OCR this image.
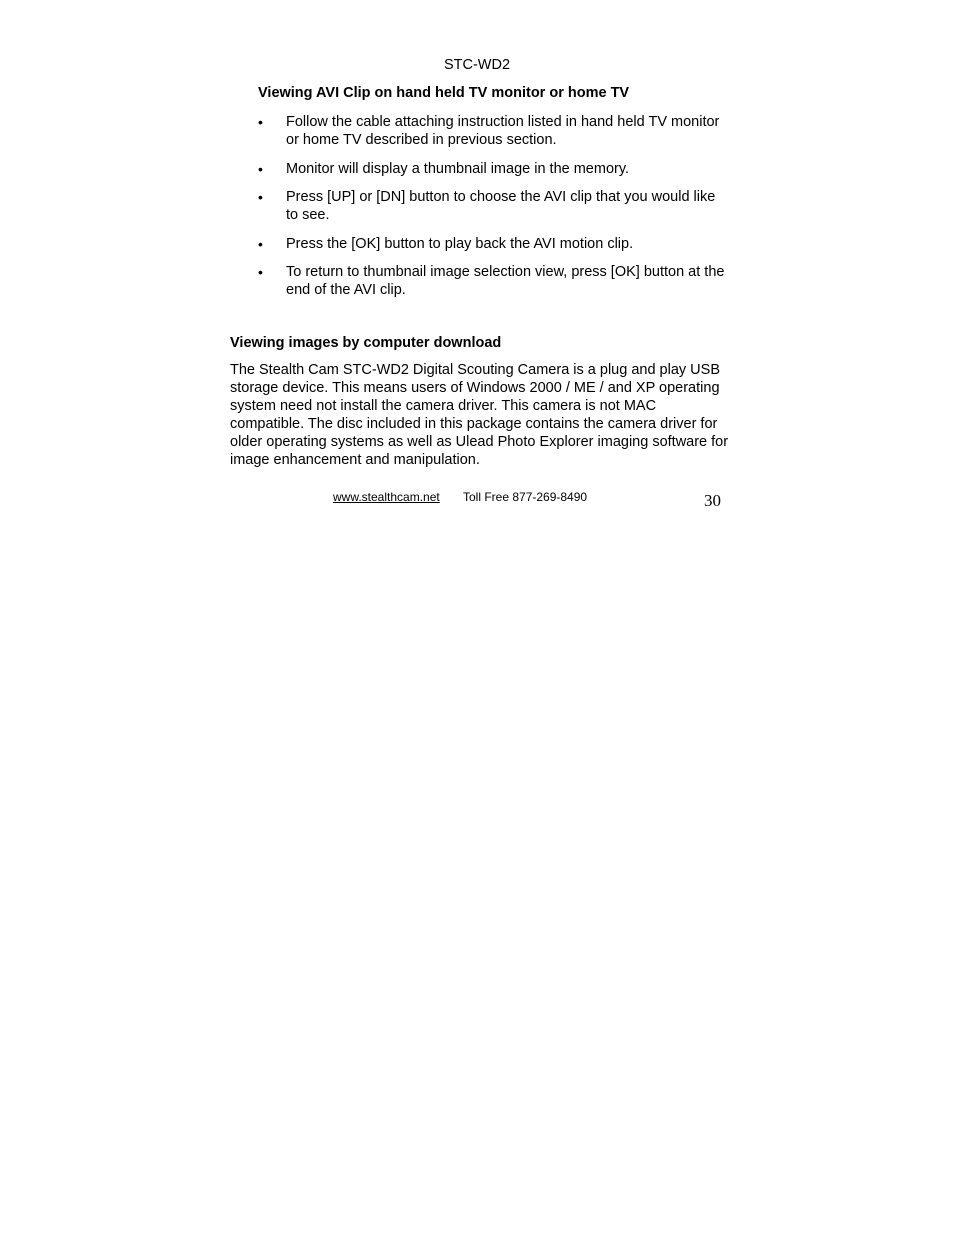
STC-WD2
Viewing AVI Clip on hand held TV monitor or home TV
•	Follow the cable attaching instruction listed in hand held TV monitor or home TV described in previous section.
•	Monitor will display a thumbnail image in the memory.
•	Press [UP] or [DN] button to choose the AVI clip that you would like to see.
•	Press the [OK] button to play back the AVI motion clip.
•	To return to thumbnail image selection view, press [OK] button at the end of the AVI clip.
Viewing images by computer download

The Stealth Cam STC-WD2 Digital Scouting Camera is a plug and play USB storage device. This means users of Windows 2000 / ME / and XP operating system need not install the camera driver. This camera is not MAC compatible. The disc included in this package contains the camera driver for older operating systems as well as Ulead Photo Explorer imaging software for image enhancement and manipulation.

www.stealthcam.net Toll Free 877-269-8490	30
